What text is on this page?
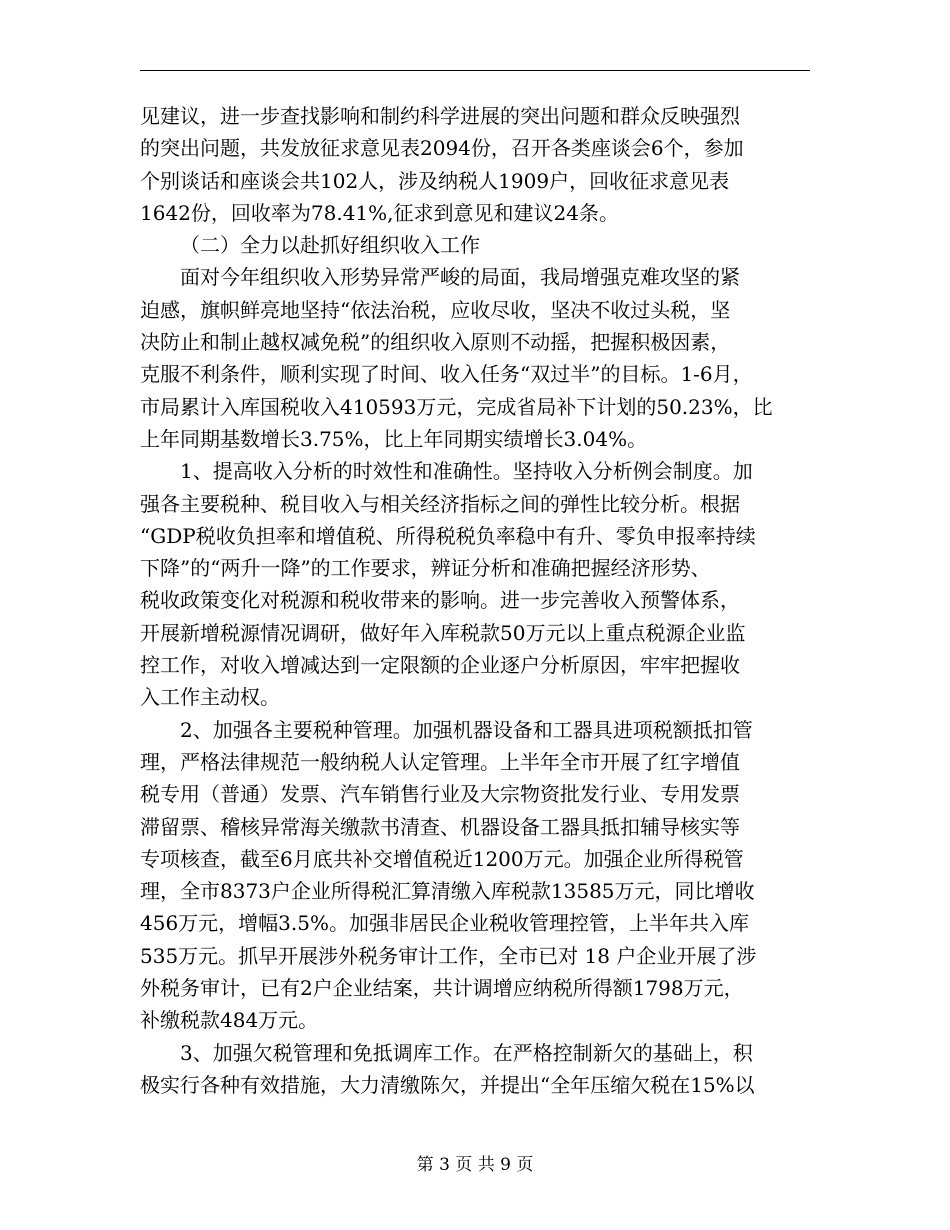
见建议，进一步查找影响和制约科学进展的突出问题和群众反映强烈
的突出问题，共发放征求意见表2094份，召开各类座谈会6个，参加
个别谈话和座谈会共102人，涉及纳税人1909户，回收征求意见表
1642份，回收率为78.41%,征求到意见和建议24条。
（二）全力以赴抓好组织收入工作
面对今年组织收入形势异常严峻的局面，我局增强克难攻坚的紧
迫感，旗帜鲜亮地坚持“依法治税，应收尽收，坚决不收过头税，坚
决防止和制止越权减免税”的组织收入原则不动摇，把握积极因素，
克服不利条件，顺利实现了时间、收入任务“双过半”的目标。1-6月，
市局累计入库国税收入410593万元，完成省局补下计划的50.23%，比
上年同期基数增长3.75%，比上年同期实绩增长3.04%。
1、提高收入分析的时效性和准确性。坚持收入分析例会制度。加
强各主要税种、税目收入与相关经济指标之间的弹性比较分析。根据
“GDP税收负担率和增值税、所得税税负率稳中有升、零负申报率持续
下降”的“两升一降”的工作要求，辨证分析和准确把握经济形势、
税收政策变化对税源和税收带来的影响。进一步完善收入预警体系，
开展新增税源情况调研，做好年入库税款50万元以上重点税源企业监
控工作，对收入增减达到一定限额的企业逐户分析原因，牢牢把握收
入工作主动权。
2、加强各主要税种管理。加强机器设备和工器具进项税额抵扣管
理，严格法律规范一般纳税人认定管理。上半年全市开展了红字增值
税专用（普通）发票、汽车销售行业及大宗物资批发行业、专用发票
滞留票、稽核异常海关缴款书清查、机器设备工器具抵扣辅导核实等
专项核查，截至6月底共补交增值税近1200万元。加强企业所得税管
理，全市8373户企业所得税汇算清缴入库税款13585万元，同比增收
456万元，增幅3.5%。加强非居民企业税收管理控管，上半年共入库
535万元。抓早开展涉外税务审计工作，全市已对 18 户企业开展了涉
外税务审计，已有2户企业结案，共计调增应纳税所得额1798万元，
补缴税款484万元。
3、加强欠税管理和免抵调库工作。在严格控制新欠的基础上，积
极实行各种有效措施，大力清缴陈欠，并提出“全年压缩欠税在15%以
第 3 页 共 9 页
